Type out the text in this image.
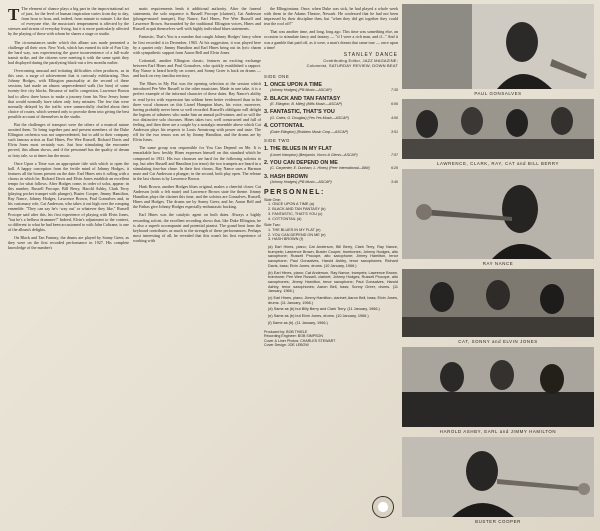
T The element of chance plays a big part in the improvisational art of jazz, for the level of human inspiration varies from day to day, from hour to hour, and, indeed, from minute to minute. Like that of everyone else, the musician's temperament is affected by the stresses and strains of everyday living, but it is more particularly affected by the playing of those with whom he shares a stage or studio.

The circumstances under which this album was made presented a challenge all their own. New York, which has earned its title of Fun City the hard way, was experiencing the grave inconvenience of a full-scale transit strike, and the citizens were meeting it with the same spirit they had displayed during the paralyzing black-out a few months earlier.

Overcoming unusual and irritating difficulties often produces, as in this case, a surge of achievement that is curiously exhilarating. Thus Johnny Hodges, with Ellington punctuality at the second of these sessions, had made an almost unprecedented walk (for him) of some twenty-five city blocks. Because of traffic congestion, Lawrence Brown had to allow three hours to make a journey from his New Jersey home that would normally have taken only forty minutes. The few that were normally delayed by the traffic were unmercifully chaffed about their choice of routes, which seemed only to provoke them into giving the best possible account of themselves in the studio.

But the challenges of transport were the others of a musical nature awaited them. To bring together past and present members of the Duke Ellington orchestra was not unprecedented, but to add to their company such famous artists as Earl Hines, Pee Wee Russell, Richard Davis and Elvin Jones most certainly was. Just how stimulating the encounter proved, this album shows, and if the personnel has the quality of dream or fairy tale, so at times has the music.

Once Upon a Time was an appropriate title with which to open the ball. A happy conception from the fertile mind of Johnny Hodges, it features all the horns present on the date. Earl Hines sets it rolling with a chorus in which he, Richard Davis and Elvin Jones establish an excellent tempo for what follows. After Hodges come, in order of solos, appear: in this number, Russell Procope, Bill Berry, Harold Ashby, Clark Terry (playing pocket trumpet with plunger), Buster Cooper, Jimmy Hamilton, Ray Nance, Johnny Hodges, Lawrence Brown, Paul Gonsalves and, in his customary role, Cat Anderson, who takes it out high over the romping ensemble. "They can say he's ‘way out’ or whatever they like," Russell Procope said after this, his first experience of playing with Elvin Jones, "but he's a helluva drummer!" Indeed, Elvin's adjustment to the context, so different to what he had been accustomed to with John Coltrane, is one of the album's delights.

On Black and Tan Fantasy, the drums are played by Sonny Greer, as they were on the first recorded performance in 1927. His complete knowledge of the number's

matic requirements lends it additional authority. After the funeral statements, the solo sequence is Russell Procope (clarinet), Cat Anderson (plunger-muted trumpet), Ray Nance, Earl Hines, Pee Wee Russell and Lawrence Brown. Surrounded by the traditional Ellington voices, Hines and Russell acquit themselves well with highly individual blues statements.

Fantastic, That's You is a number that caught Johnny Hodges' fancy when he first recorded it in December, 1965. At his suggestion, it was played here by a quartet only: Jimmy Hamilton and Earl Hines bring out its lyric charm with sympathetic support from Aaron Bell and Elvin Jones.

Cottontail, another Ellington classic, features an exciting exchange between Earl Hines and Paul Gonsalves, who quickly established a rapport. Ray Nance is heard briefly on cornet, and Sonny Greer is back on drums — and back on very familiar territory.

The Blues in My Flat was the opening selection at the session which introduced Pee Wee Russell to the other musicians. Made in one take, it is a perfect example of the informal character of these dates. Ray Nance's ability to read lyrics with expression has seldom been better evidenced than in his three vocal choruses on this Lionel Hampton blues, his voice, moreover, having probably never been so well recorded. Russell's obbligato will delight the legions of admirers who make him an annual poll-winner, and so will the two distinctive solo choruses. Hines takes two, well constructed and full of feeling, and then there are a couple by a nostalgic ensemble above which Cat Anderson plays his respects to Louis Armstrong with power and taste. The riff for the two tenors was set by Jimmy Hamilton, and the drums are by Elvin Jones.

The same group was responsible for You Can Depend on Me. It is remarkable how freshly Hines expresses himself on this standard which he composed in 1931. His two choruses are hard for the following soloists to top, but after Russell and Hamilton (on tenor) the two trumpets are heard in a stimulating four-bar chase. In their first chorus, Ray Nance uses a Harmon mute and Cat Anderson a plunger; in the second, both play open. The release in the last chorus is by Lawrence Brown.

Hash Brown, another Hodges blues original, makes a cheerful closer. Cat Anderson (with a felt mute) and Lawrence Brown state the theme. Jimmy Hamilton plays the clarinet this time, and the soloists are Gonsalves, Russell, Hines and Hodges. The drums are by Sonny Greer, and he, Aaron Bell and the Fathas give Johnny Hodges especially enthusiastic backing.

Earl Hines was the catalytic agent on both dates. Always a highly rewarding soloist, the excellent recording shows that, like Duke Ellington, he is also a superb accompanist and potential pianist. The grand beat from the keyboard contributes as much to the strength of these performances. Perhaps most interesting of all, he revealed that this wasn't his first experience of working with

the Ellingtonians. Once, when Duke was sick, he had played a whole week with them in the Adams Theatre, Newark. He confessed that he had not been impressed by their discipline then, but "when they did get together they could tear the roof off!"

That was another time, and long, long ago. This time was something else, an occasion to stimulate fancy and fantasy — "if I were a rich man, and if..." And it was a gamble that paid off, as it were, a man's dream that came true — once upon a time!

STANLEY DANCE
Contributing Editor, JAZZ MAGAZINE;
Columnist, SATURDAY REVIEW, DOWN BEAT
SIDE ONE
1. ONCE UPON A TIME
(Johnny Hodges) (PB Music—ASCAP)	7:35
2. BLACK AND TAN FANTASY
(E. Ellington, B. Miley) (Mills Music—ASCAP)	6:06
3. FANTASTIC, THAT'S YOU
(G. Cates, G. Douglas) (Yes Yes Music—ASCAP)	4:06
4. COTTONTAIL
(Duke Ellington) (Robbins Music Corp.—ASCAP)	3:51
SIDE TWO
1. THE BLUES IN MY FLAT
(Lionel Hampton) (Benjamin, Vocco & Glenn—ASCAP)	7:57
2. YOU CAN DEPEND ON ME
(C. Carpenter, E. Dunham, L. Hines) (Peer International—BMI)	6:26
3. HASH BROWN
(Johnny Hodges) (PB Music—ASCAP)	3:40
PERSONNEL:
Side One:
1. ONCE UPON A TIME (a)
2. BLACK AND TAN FANTASY (b)
3. FANTASTIC, THAT'S YOU (c)
4. COTTONTAIL (d)
Side Two:
1. THE BLUES IN MY FLAT (e)
2. YOU CAN DEPEND ON ME (e)
3. HASH BROWN (f)
(a) Earl Hines, piano; Cat Anderson, Bill Berry, Clark Terry, Ray Nance, trumpets; Lawrence Brown, Buster Cooper, trombones; Johnny Hodges, alto saxophone; Russell Procope, alto saxophone; Jimmy Hamilton, tenor saxophone; Paul Gonsalves, Harold Ashby, tenor saxophones; Richard Davis, bass; Elvin Jones, drums. (10 January, 1966.)
(b) Earl Hines, piano; Cat Anderson, Ray Nance, trumpets; Lawrence Brown, trombone; Pee Wee Russell, clarinet; Johnny Hodges, Russell Procope, alto saxophones; Jimmy Hamilton, tenor saxophone; Paul Gonsalves, Harold Ashby, tenor saxophones; Aaron Bell, bass; Sonny Greer, drums. (11 January, 1966.)
(c) Earl Hines, piano; Jimmy Hamilton, clarinet; Aaron Bell, bass; Elvin Jones, drums. (11 January, 1966.)
(d) Same as (b) but Billy Berry and Clark Terry. (11 January, 1966.)
(e) Same as (b) but Elvin Jones, drums. (10 January, 1966.)
(f) Same as (b). (11 January, 1966.)
Produced by: BOB THIELE
Recording Engineer: BOB SIMPSON
Cover & Liner Photos: CHARLES STEWART
Cover Design: JOE LEBOW
PAUL GONSALVES
LAWRENCE, CLARK, RAY, CAT and BILL BERRY
RAY NANCE
CAT, SONNY and ELVIN JONES
HAROLD ASHBY, EARL and JIMMY HAMILTON
BUSTER COOPER
